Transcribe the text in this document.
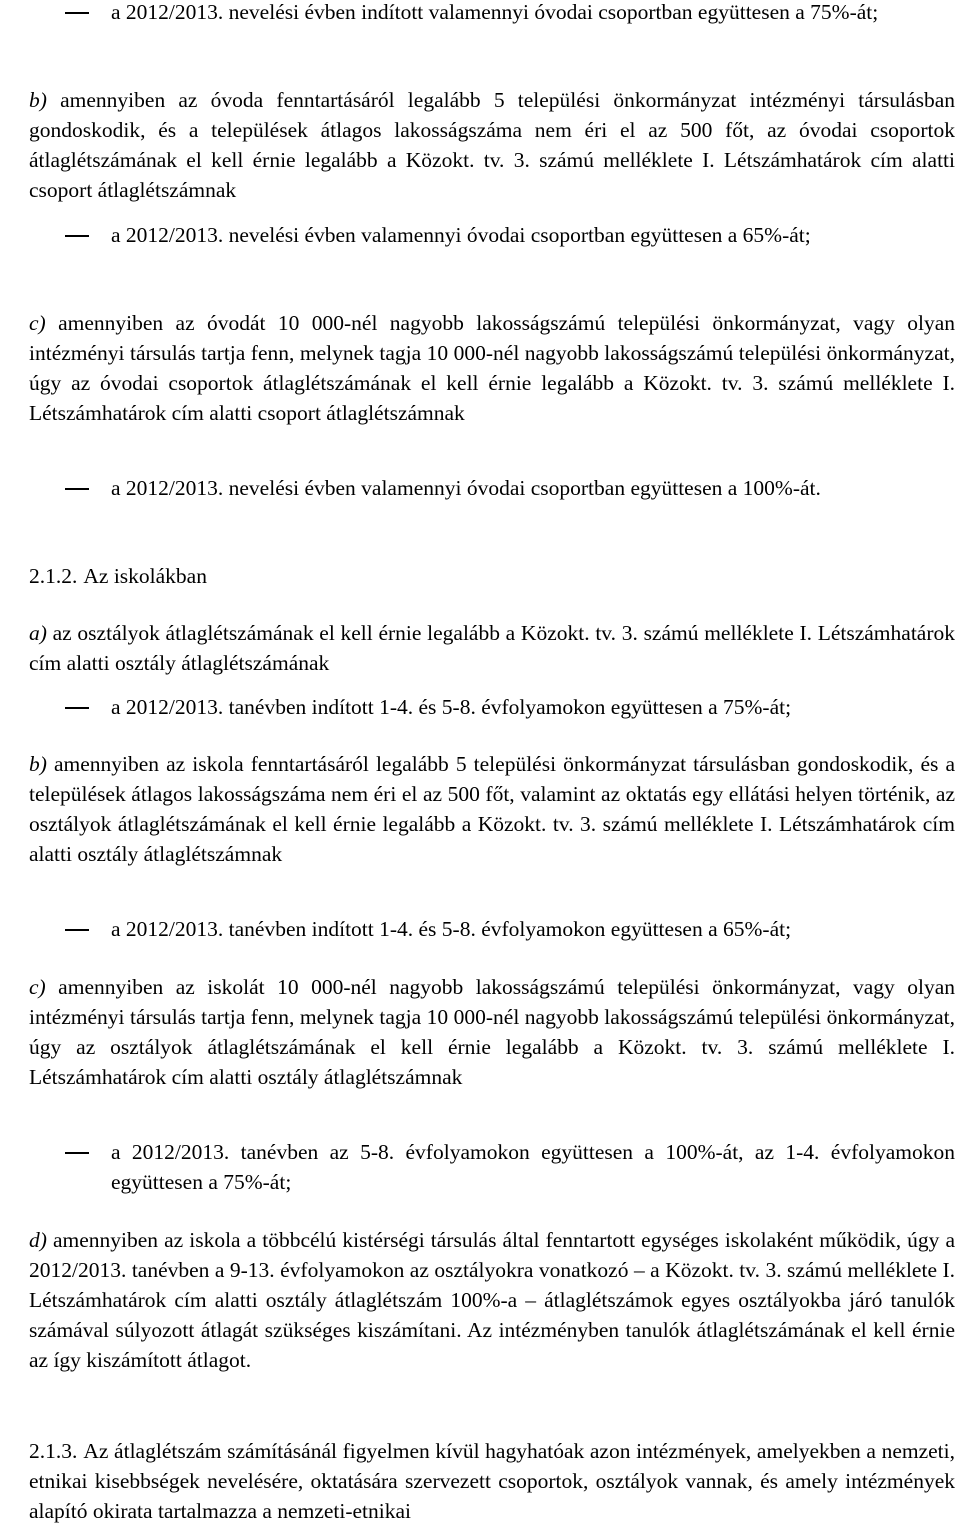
a 2012/2013. nevelési évben indított valamennyi óvodai csoportban együttesen a 75%-át;

b) amennyiben az óvoda fenntartásáról legalább 5 települési önkormányzat intézményi társulásban gondoskodik, és a települések átlagos lakosságszáma nem éri el az 500 főt, az óvodai csoportok átlaglétszámának el kell érnie legalább a Közokt. tv. 3. számú melléklete I. Létszámhatárok cím alatti csoport átlaglétszámnak

a 2012/2013. nevelési évben valamennyi óvodai csoportban együttesen a 65%-át;

c) amennyiben az óvodát 10 000-nél nagyobb lakosságszámú települési önkormányzat, vagy olyan intézményi társulás tartja fenn, melynek tagja 10 000-nél nagyobb lakosságszámú települési önkormányzat, úgy az óvodai csoportok átlaglétszámának el kell érnie legalább a Közokt. tv. 3. számú melléklete I. Létszámhatárok cím alatti csoport átlaglétszámnak

a 2012/2013. nevelési évben valamennyi óvodai csoportban együttesen a 100%-át.

2.1.2. Az iskolákban

a) az osztályok átlaglétszámának el kell érnie legalább a Közokt. tv. 3. számú melléklete I. Létszámhatárok cím alatti osztály átlaglétszámának

a 2012/2013. tanévben indított 1-4. és 5-8. évfolyamokon együttesen a 75%-át;

b) amennyiben az iskola fenntartásáról legalább 5 települési önkormányzat társulásban gondoskodik, és a települések átlagos lakosságszáma nem éri el az 500 főt, valamint az oktatás egy ellátási helyen történik, az osztályok átlaglétszámának el kell érnie legalább a Közokt. tv. 3. számú melléklete I. Létszámhatárok cím alatti osztály átlaglétszámnak

a 2012/2013. tanévben indított 1-4. és 5-8. évfolyamokon együttesen a 65%-át;

c) amennyiben az iskolát 10 000-nél nagyobb lakosságszámú települési önkormányzat, vagy olyan intézményi társulás tartja fenn, melynek tagja 10 000-nél nagyobb lakosságszámú települési önkormányzat, úgy az osztályok átlaglétszámának el kell érnie legalább a Közokt. tv. 3. számú melléklete I. Létszámhatárok cím alatti osztály átlaglétszámnak

a 2012/2013. tanévben az 5-8. évfolyamokon együttesen a 100%-át, az 1-4. évfolyamokon együttesen a 75%-át;

d) amennyiben az iskola a többcélú kistérségi társulás által fenntartott egységes iskolaként működik, úgy a 2012/2013. tanévben a 9-13. évfolyamokon az osztályokra vonatkozó – a Közokt. tv. 3. számú melléklete I. Létszámhatárok cím alatti osztály átlaglétszám 100%-a – átlaglétszámok egyes osztályokba járó tanulók számával súlyozott átlagát szükséges kiszámítani. Az intézményben tanulók átlaglétszámának el kell érnie az így kiszámított átlagot.

2.1.3. Az átlaglétszám számításánál figyelmen kívül hagyhatóak azon intézmények, amelyekben a nemzeti, etnikai kisebbségek nevelésére, oktatására szervezett csoportok, osztályok vannak, és amely intézmények alapító okirata tartalmazza a nemzeti-etnikai
